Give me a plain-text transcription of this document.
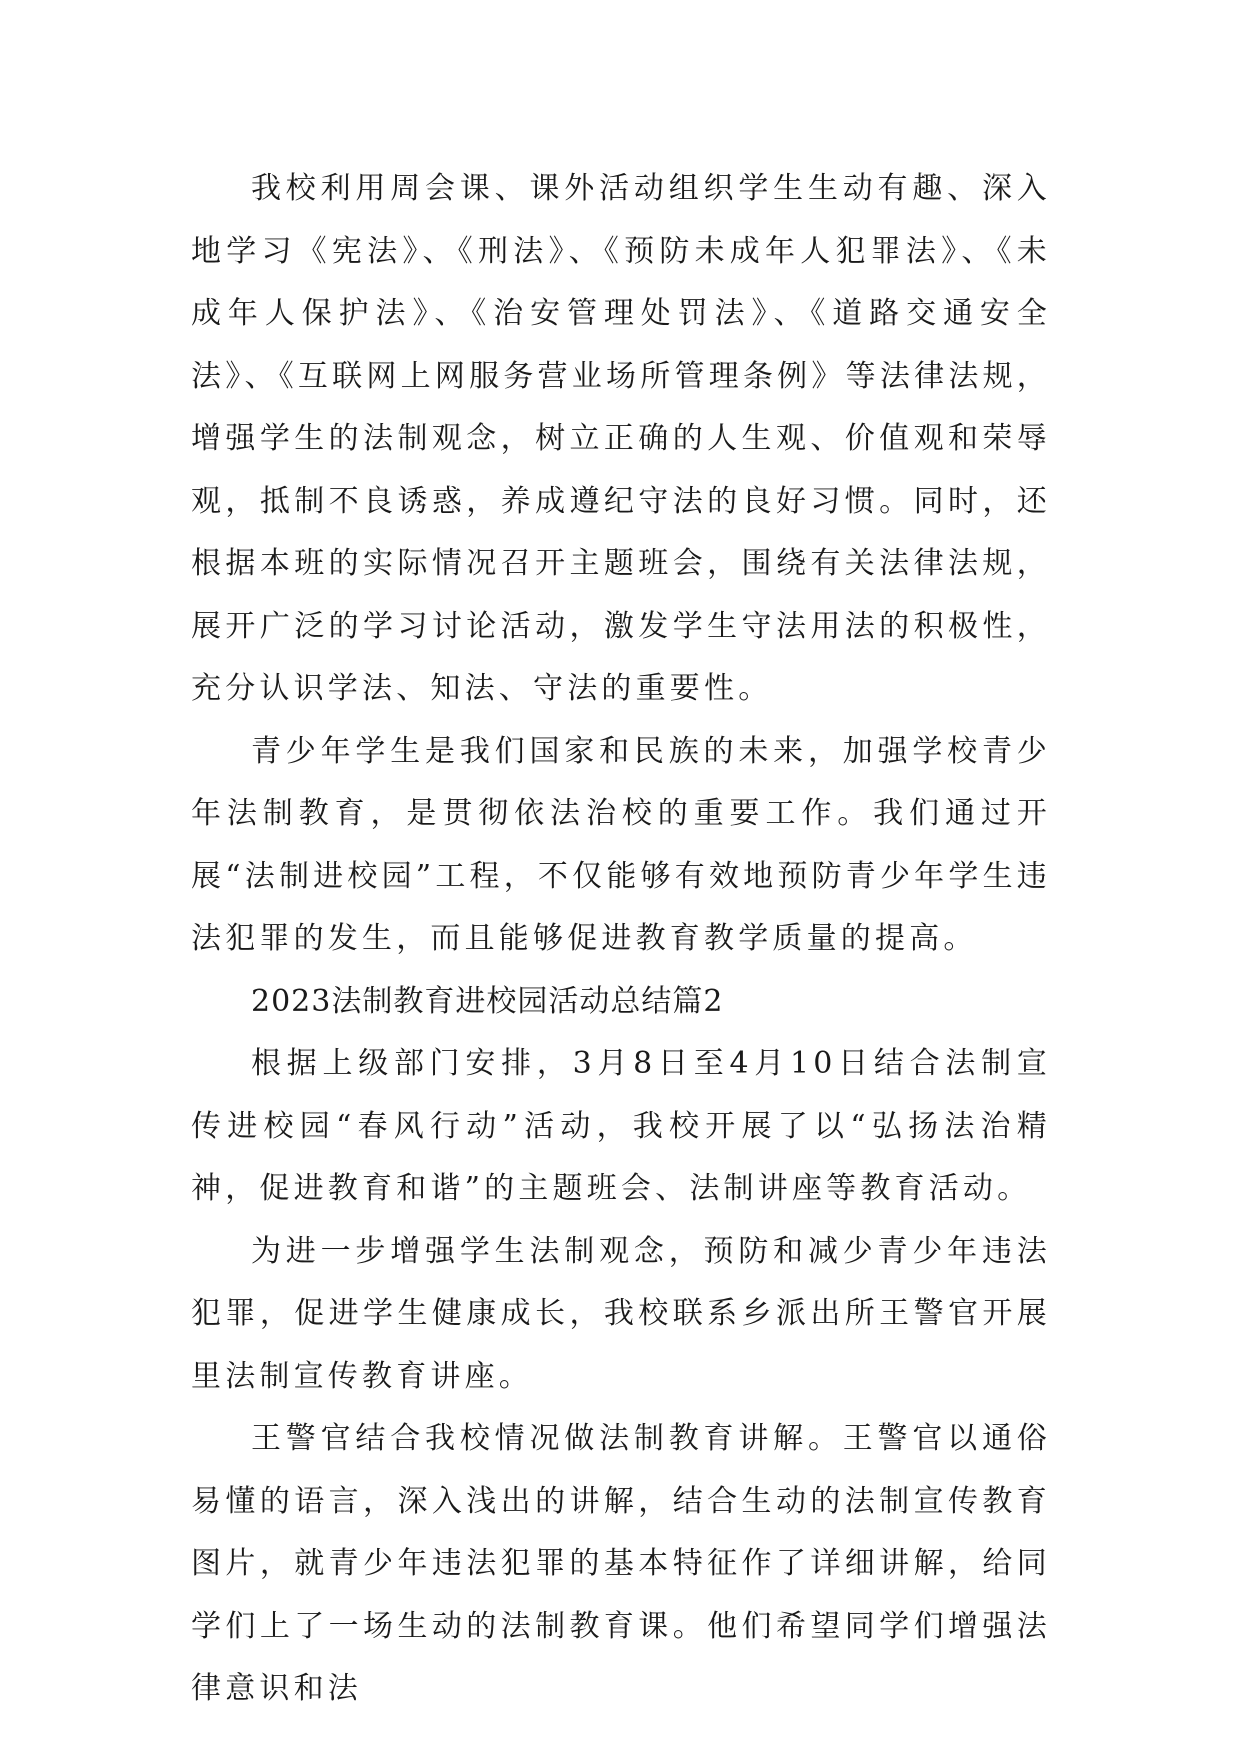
我校利用周会课、课外活动组织学生生动有趣、深入地学习《宪法》、《刑法》、《预防未成年人犯罪法》、《未成年人保护法》、《治安管理处罚法》、《道路交通安全法》、《互联网上网服务营业场所管理条例》等法律法规，增强学生的法制观念，树立正确的人生观、价值观和荣辱观，抵制不良诱惑，养成遵纪守法的良好习惯。同时，还根据本班的实际情况召开主题班会，围绕有关法律法规，展开广泛的学习讨论活动，激发学生守法用法的积极性，充分认识学法、知法、守法的重要性。

青少年学生是我们国家和民族的未来，加强学校青少年法制教育，是贯彻依法治校的重要工作。我们通过开展“法制进校园”工程，不仅能够有效地预防青少年学生违法犯罪的发生，而且能够促进教育教学质量的提高。

2023法制教育进校园活动总结篇2

根据上级部门安排，3月8日至4月10日结合法制宣传进校园“春风行动”活动，我校开展了以“弘扬法治精神，促进教育和谐”的主题班会、法制讲座等教育活动。

为进一步增强学生法制观念，预防和减少青少年违法犯罪，促进学生健康成长，我校联系乡派出所王警官开展里法制宣传教育讲座。

王警官结合我校情况做法制教育讲解。王警官以通俗易懂的语言，深入浅出的讲解，结合生动的法制宣传教育图片，就青少年违法犯罪的基本特征作了详细讲解，给同学们上了一场生动的法制教育课。他们希望同学们增强法律意识和法
